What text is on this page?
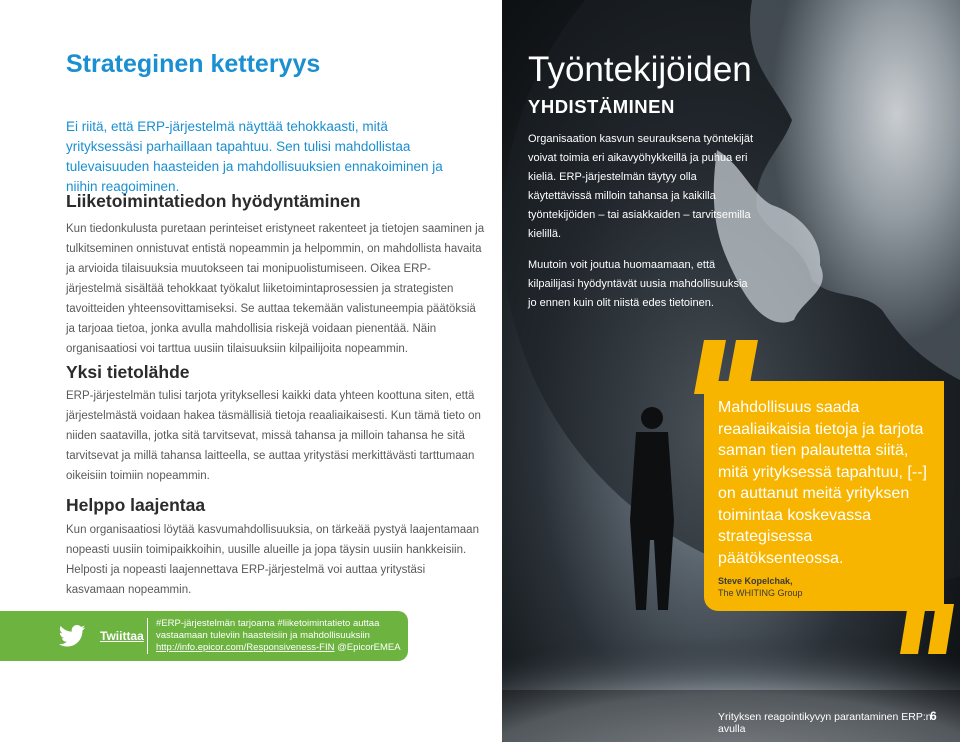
Strateginen ketteryys

Ei riitä, että ERP-järjestelmä näyttää tehokkaasti, mitä yrityksessäsi parhaillaan tapahtuu. Sen tulisi mahdollistaa tulevaisuuden haasteiden ja mahdollisuuksien ennakoiminen ja niihin reagoiminen.

Liiketoimintatiedon hyödyntäminen

Kun tiedonkulusta puretaan perinteiset eristyneet rakenteet ja tietojen saaminen ja tulkitseminen onnistuvat entistä nopeammin ja helpommin, on mahdollista havaita ja arvioida tilaisuuksia muutokseen tai monipuolistumiseen. Oikea ERP-järjestelmä sisältää tehokkaat työkalut liiketoimintaprosessien ja strategisten tavoitteiden yhteensovittamiseksi. Se auttaa tekemään valistuneempia päätöksiä ja tarjoaa tietoa, jonka avulla mahdollisia riskejä voidaan pienentää. Näin organisaatiosi voi tarttua uusiin tilaisuuksiin kilpailijoita nopeammin.

Yksi tietolähde

ERP-järjestelmän tulisi tarjota yrityksellesi kaikki data yhteen koottuna siten, että järjestelmästä voidaan hakea täsmällisiä tietoja reaaliaikaisesti. Kun tämä tieto on niiden saatavilla, jotka sitä tarvitsevat, missä tahansa ja milloin tahansa he sitä tarvitsevat ja millä tahansa laitteella, se auttaa yritystäsi merkittävästi tarttumaan oikeisiin toimiin nopeammin.

Helppo laajentaa

Kun organisaatiosi löytää kasvumahdollisuuksia, on tärkeää pystyä laajentamaan nopeasti uusiin toimipaikkoihin, uusille alueille ja jopa täysin uusiin hankkeisiin. Helposti ja nopeasti laajennettava ERP-järjestelmä voi auttaa yritystäsi kasvamaan nopeammin.

Twiittaa
#ERP-järjestelmän tarjoama #liiketoimintatieto auttaa
vastaamaan tuleviin haasteisiin ja mahdollisuuksiin
http://info.epicor.com/Responsiveness-FIN @EpicorEMEA
Työntekijöiden
YHDISTÄMINEN

Organisaation kasvun seurauksena työntekijät voivat toimia eri aikavyöhykkeillä ja puhua eri kieliä. ERP-järjestelmän täytyy olla käytettävissä milloin tahansa ja kaikilla työntekijöiden – tai asiakkaiden – tarvitsemilla kielillä.

Muutoin voit joutua huomaamaan, että kilpailijasi hyödyntävät uusia mahdollisuuksia jo ennen kuin olit niistä edes tietoinen.

Mahdollisuus saada reaaliaikaisia tietoja ja tarjota saman tien palautetta siitä, mitä yrityksessä tapahtuu, [--] on auttanut meitä yrityksen toimintaa koskevassa strategisessa päätöksenteossa.

Steve Kopelchak,
The WHITING Group
Yrityksen reagointikyvyn parantaminen ERP:n avulla
6
